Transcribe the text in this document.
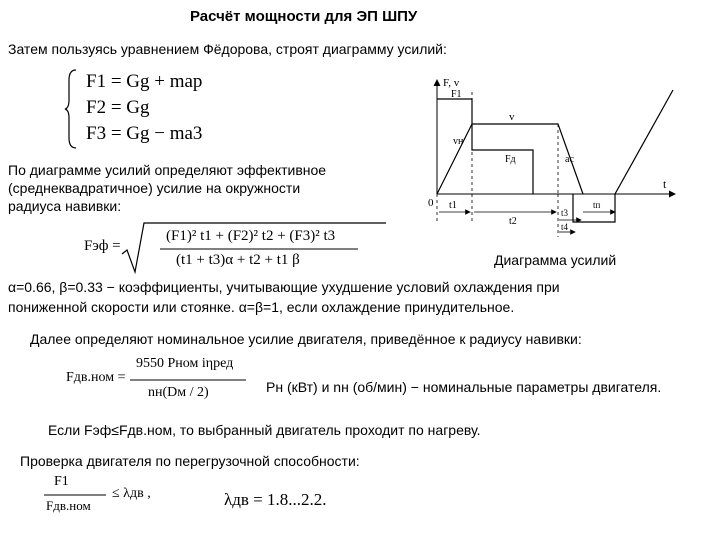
Расчёт мощности для ЭП ШПУ
Затем пользуясь уравнением Фёдорова, строят диаграмму усилий:
F1 = Gg + map
F2 = Gg
F3 = Gg − ma3
По диаграмме усилий определяют эффективное
(среднеквадратичное) усилие на окружности
радиуса навивки:
Fэф =
(F1)² t1 + (F2)² t2 + (F3)² t3
(t1 + t3)α + t2 + t1 β
F, v
t
0
F1
v
vн
Fд	aс
t1
t2
t3
t4
tп
Диаграмма усилий
α=0.66, β=0.33 − коэффициенты, учитывающие ухудшение условий охлаждения при
пониженной скорости или стоянке. α=β=1, если охлаждение принудительное.
Далее определяют номинальное усилие двигателя, приведённое к радиусу навивки:
Fдв.ном =
9550 Pном iηред
nн(Dм / 2)	Pн (кВт) и nн (об/мин) − номинальные параметры двигателя.
Если Fэф≤Fдв.ном, то выбранный двигатель проходит по нагреву.
Проверка двигателя по перегрузочной способности:
F1
Fдв.ном
≤ λдв ,	λдв = 1.8...2.2.
